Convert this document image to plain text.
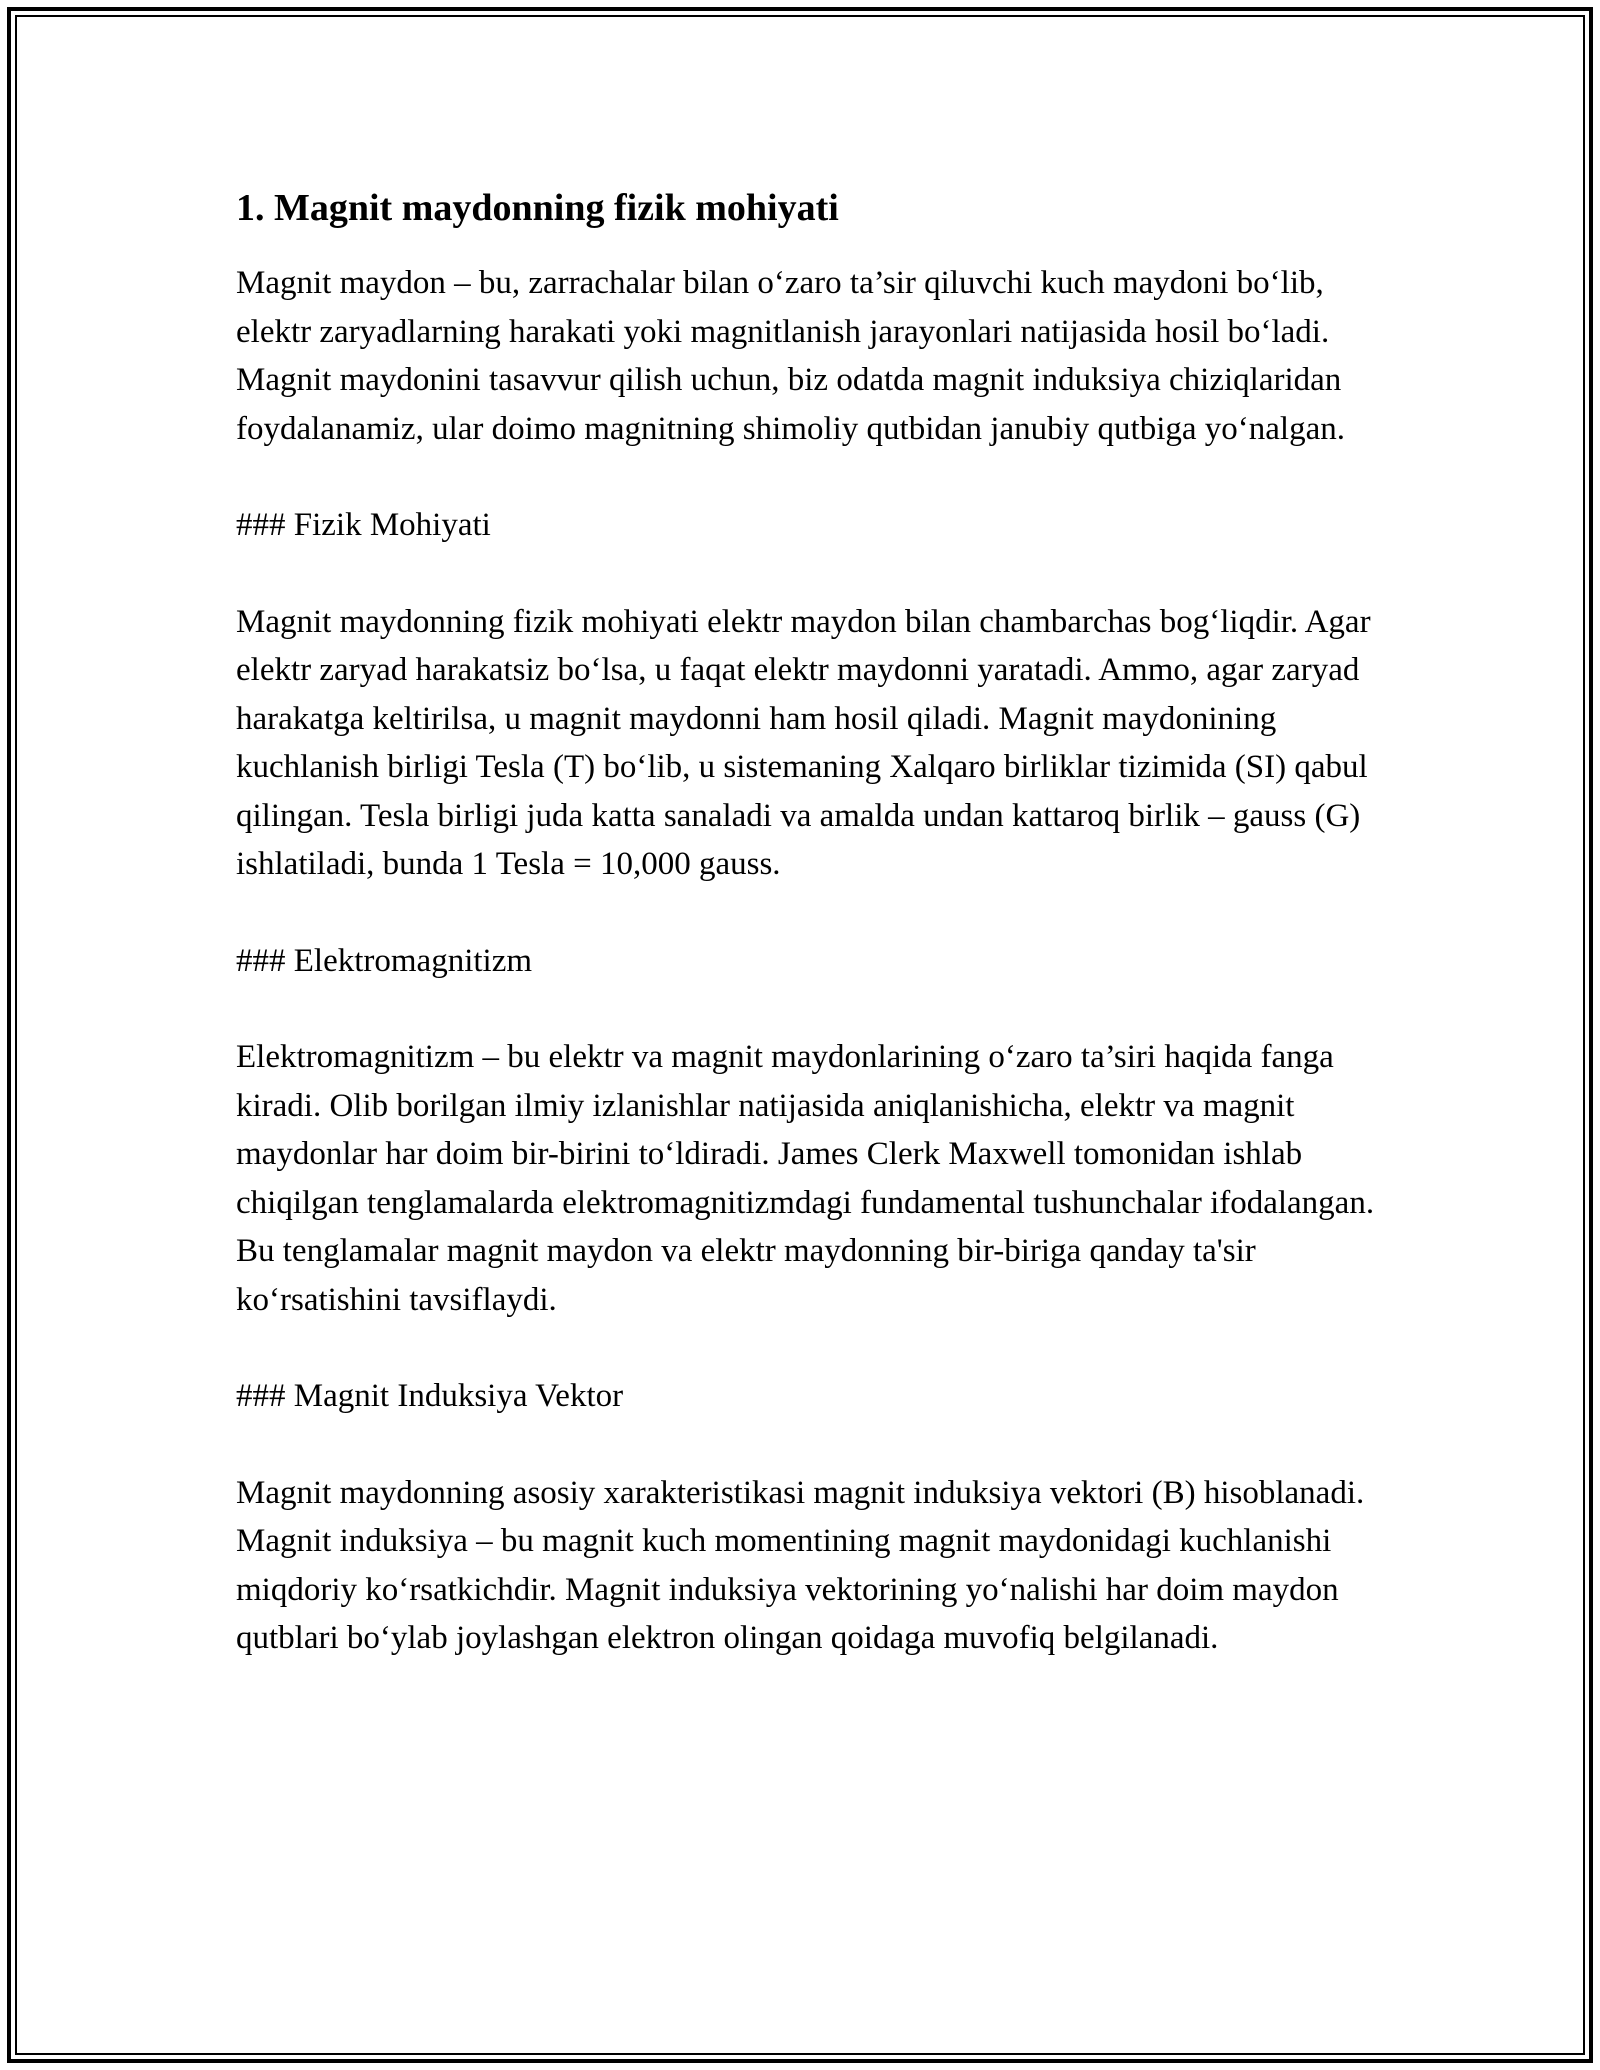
1. Magnit maydonning fizik mohiyati

Magnit maydon – bu, zarrachalar bilan o‘zaro ta’sir qiluvchi kuch maydoni bo‘lib, elektr zaryadlarning harakati yoki magnitlanish jarayonlari natijasida hosil bo‘ladi. Magnit maydonini tasavvur qilish uchun, biz odatda magnit induksiya chiziqlaridan foydalanamiz, ular doimo magnitning shimoliy qutbidan janubiy qutbiga yo‘nalgan.

### Fizik Mohiyati

Magnit maydonning fizik mohiyati elektr maydon bilan chambarchas bog‘liqdir. Agar elektr zaryad harakatsiz bo‘lsa, u faqat elektr maydonni yaratadi. Ammo, agar zaryad harakatga keltirilsa, u magnit maydonni ham hosil qiladi. Magnit maydonining kuchlanish birligi Tesla (T) bo‘lib, u sistemaning Xalqaro birliklar tizimida (SI) qabul qilingan. Tesla birligi juda katta sanaladi va amalda undan kattaroq birlik – gauss (G) ishlatiladi, bunda 1 Tesla = 10,000 gauss.

### Elektromagnitizm

Elektromagnitizm – bu elektr va magnit maydonlarining o‘zaro ta’siri haqida fanga kiradi. Olib borilgan ilmiy izlanishlar natijasida aniqlanishicha, elektr va magnit maydonlar har doim bir-birini to‘ldiradi. James Clerk Maxwell tomonidan ishlab chiqilgan tenglamalarda elektromagnitizmdagi fundamental tushunchalar ifodalangan. Bu tenglamalar magnit maydon va elektr maydonning bir-biriga qanday ta'sir ko‘rsatishini tavsiflaydi.

### Magnit Induksiya Vektor

Magnit maydonning asosiy xarakteristikasi magnit induksiya vektori (B) hisoblanadi. Magnit induksiya – bu magnit kuch momentining magnit maydonidagi kuchlanishi miqdoriy ko‘rsatkichdir. Magnit induksiya vektorining yo‘nalishi har doim maydon qutblari bo‘ylab joylashgan elektron olingan qoidaga muvofiq belgilanadi.
